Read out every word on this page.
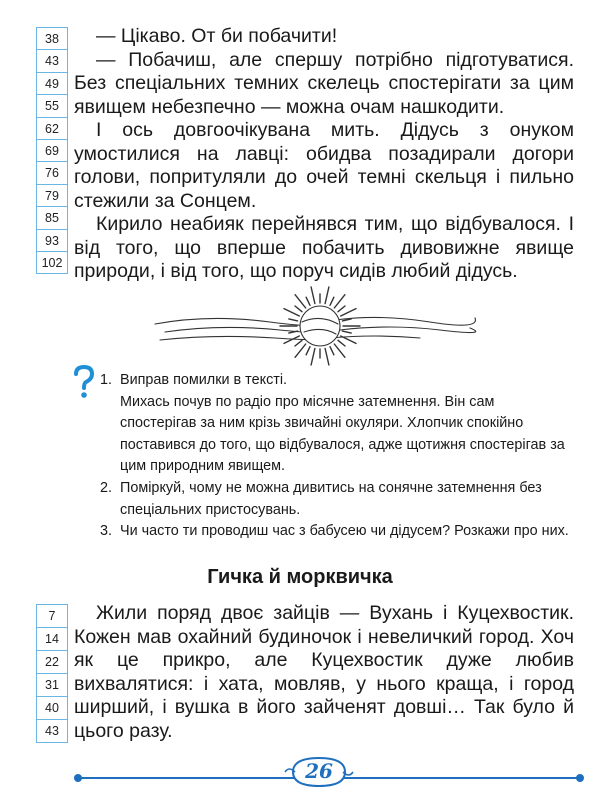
38
43
49
55
62
69
76
79
85
93
102

— Цікаво. От би побачити!

— Побачиш, але спершу потрібно підготуватися. Без спеціальних темних скелець спостерігати за цим явищем небезпечно — можна очам нашкодити.

І ось довгоочікувана мить. Дідусь з онуком умостилися на лавці: обидва позадирали догори голови, попритуляли до очей темні скельця і пильно стежили за Сонцем.

Кирило неабияк перейнявся тим, що відбувалося. І від того, що вперше побачить дивовижне явище природи, і від того, що поруч сидів любий дідусь.

1. Виправ помилки в тексті.
Михась почув по радіо про місячне затемнення. Він сам спостерігав за ним крізь звичайні окуляри. Хлопчик спокійно поставився до того, що відбувалося, адже щотижня спостерігав за цим природним явищем.
2. Поміркуй, чому не можна дивитись на сонячне затемнення без спеціальних пристосувань.
3. Чи часто ти проводиш час з бабусею чи дідусем? Розкажи про них.
Гичка й морквичка
7
14
22
31
40
43

Жили поряд двоє зайців — Вухань і Куцехвостик. Кожен мав охайний будиночок і невеличкий город. Хоч як це прикро, але Куцехвостик дуже любив вихвалятися: і хата, мовляв, у нього краща, і город ширший, і вушка в його зайченят довші… Так було й цього разу.

26
